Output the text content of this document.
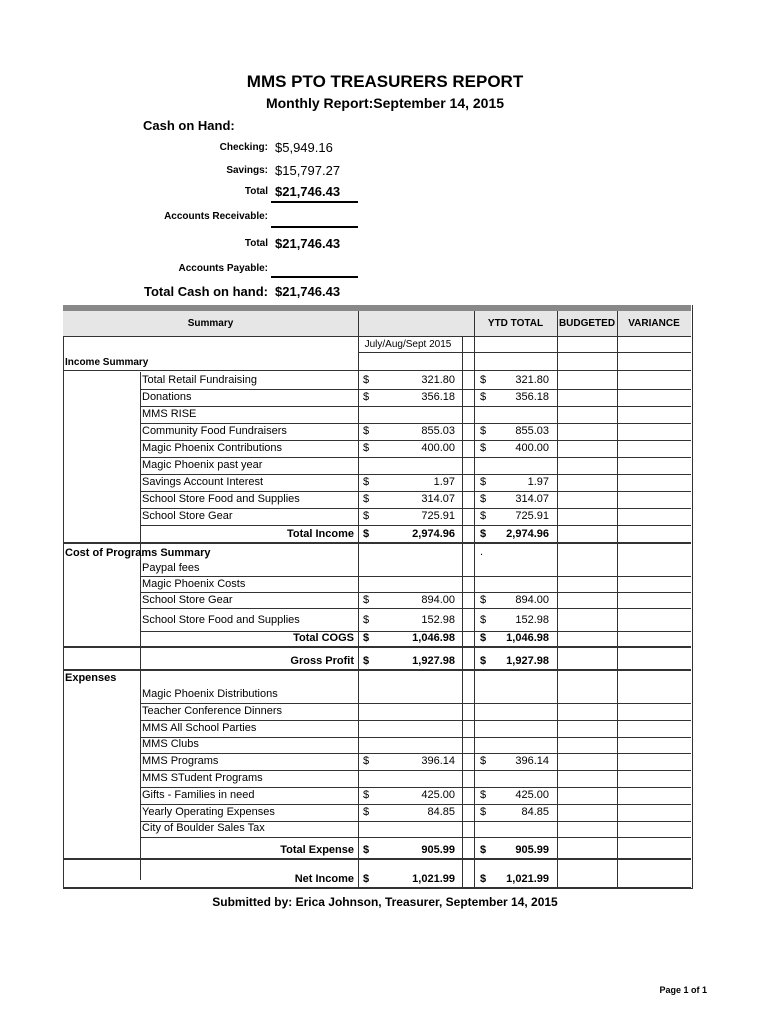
MMS PTO TREASURERS REPORT
Monthly Report:September 14, 2015
Cash on Hand:
Checking: $5,949.16
Savings: $15,797.27
Total $21,746.43
Accounts Receivable:
Total $21,746.43
Accounts Payable:
Total Cash on hand: $21,746.43
Summary	YTD TOTAL	BUDGETED	VARIANCE
July/Aug/Sept 2015
Income Summary
Total Retail Fundraising	$	321.80 $	321.80
Donations	$	356.18 $	356.18
MMS RISE
Community Food Fundraisers	$	855.03 $	855.03
Magic Phoenix Contributions	$	400.00 $	400.00
Magic Phoenix past year
Savings Account Interest	$	1.97 $	1.97
School Store Food and Supplies	$	314.07 $	314.07
School Store Gear	$	725.91 $	725.91
Total Income $	2,974.96 $	2,974.96
Cost of Programs Summary	.
Paypal fees
Magic Phoenix Costs
School Store Gear	$	894.00 $	894.00
School Store Food and Supplies	$	152.98 $	152.98
Total COGS $	1,046.98 $	1,046.98
Gross Profit $	1,927.98 $	1,927.98
Expenses
Magic Phoenix Distributions
Teacher Conference Dinners
MMS All School Parties
MMS Clubs
MMS Programs	$	396.14 $	396.14
MMS STudent Programs
Gifts - Families in need	$	425.00 $	425.00
Yearly Operating Expenses	$	84.85 $	84.85
City of Boulder Sales Tax
Total Expense $	905.99 $	905.99
Net Income $	1,021.99 $	1,021.99
Submitted by: Erica Johnson, Treasurer, September 14, 2015
Page 1 of 1
